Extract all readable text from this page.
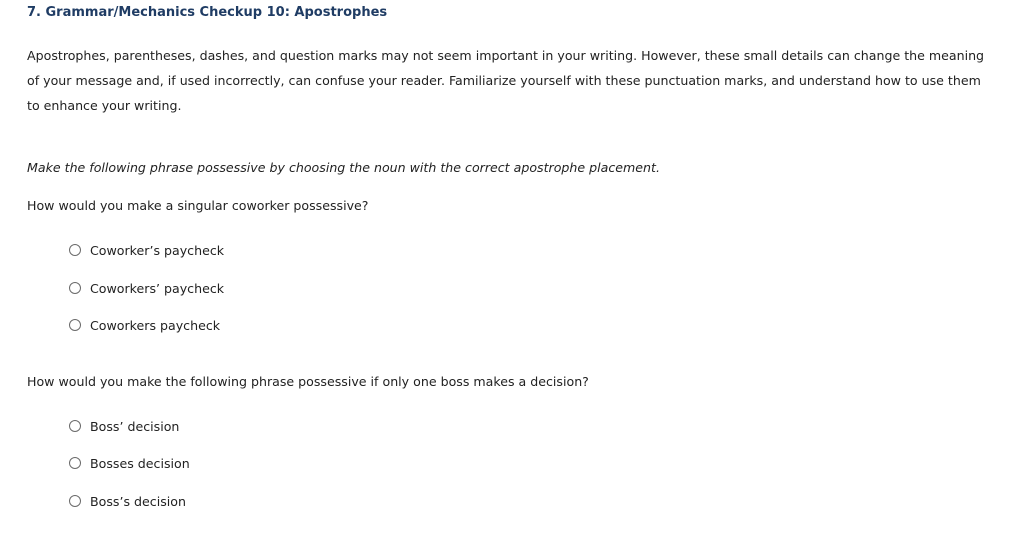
7. Grammar/Mechanics Checkup 10: Apostrophes
Apostrophes, parentheses, dashes, and question marks may not seem important in your writing. However, these small details can change the meaning of your message and, if used incorrectly, can confuse your reader. Familiarize yourself with these punctuation marks, and understand how to use them to enhance your writing.
Make the following phrase possessive by choosing the noun with the correct apostrophe placement.
How would you make a singular coworker possessive?
Coworker’s paycheck
Coworkers’ paycheck
Coworkers paycheck
How would you make the following phrase possessive if only one boss makes a decision?
Boss’ decision
Bosses decision
Boss’s decision
